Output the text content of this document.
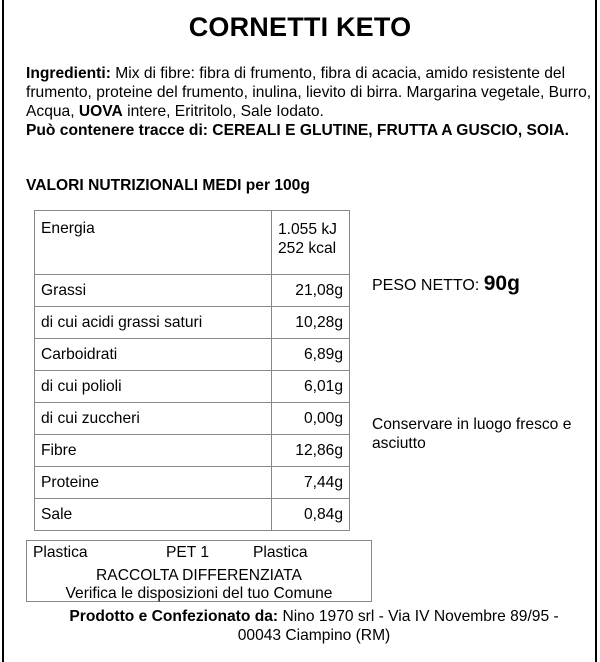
CORNETTI KETO
Ingredienti: Mix di fibre: fibra di frumento, fibra di acacia, amido resistente del frumento, proteine del frumento, inulina, lievito di birra. Margarina vegetale, Burro, Acqua, UOVA intere, Eritritolo, Sale Iodato.
Può contenere tracce di: CEREALI E GLUTINE, FRUTTA A GUSCIO, SOIA.
VALORI NUTRIZIONALI MEDI per 100g
Energia	1.055 kJ
252 kcal
Grassi	21,08g
di cui acidi grassi saturi	10,28g
Carboidrati	6,89g
di cui polioli	6,01g
di cui zuccheri	0,00g
Fibre	12,86g
Proteine	7,44g
Sale	0,84g
PESO NETTO: 90g
Conservare in luogo fresco e asciutto
Plastica	PET 1	Plastica
RACCOLTA DIFFERENZIATA
Verifica le disposizioni del tuo Comune
Prodotto e Confezionato da: Nino 1970 srl - Via IV Novembre 89/95 -
00043 Ciampino (RM)
